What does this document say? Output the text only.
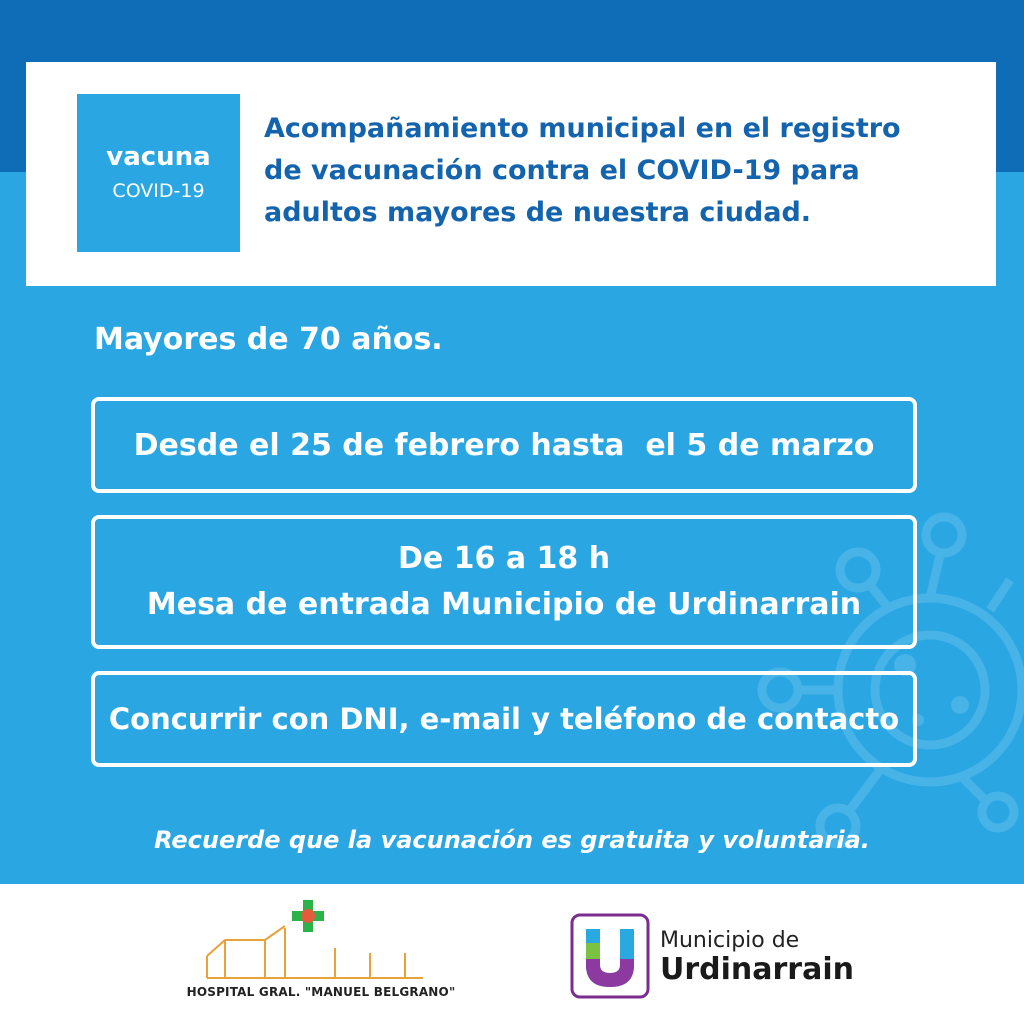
vacuna
COVID-19
Acompañamiento municipal en el registro
de vacunación contra el COVID-19 para
adultos mayores de nuestra ciudad.
Mayores de 70 años.
Desde el 25 de febrero hasta  el 5 de marzo
De 16 a 18 h
Mesa de entrada Municipio de Urdinarrain
Concurrir con DNI, e-mail y teléfono de contacto
Recuerde que la vacunación es gratuita y voluntaria.
HOSPITAL GRAL. "MANUEL BELGRANO"
Municipio de
Urdinarrain
